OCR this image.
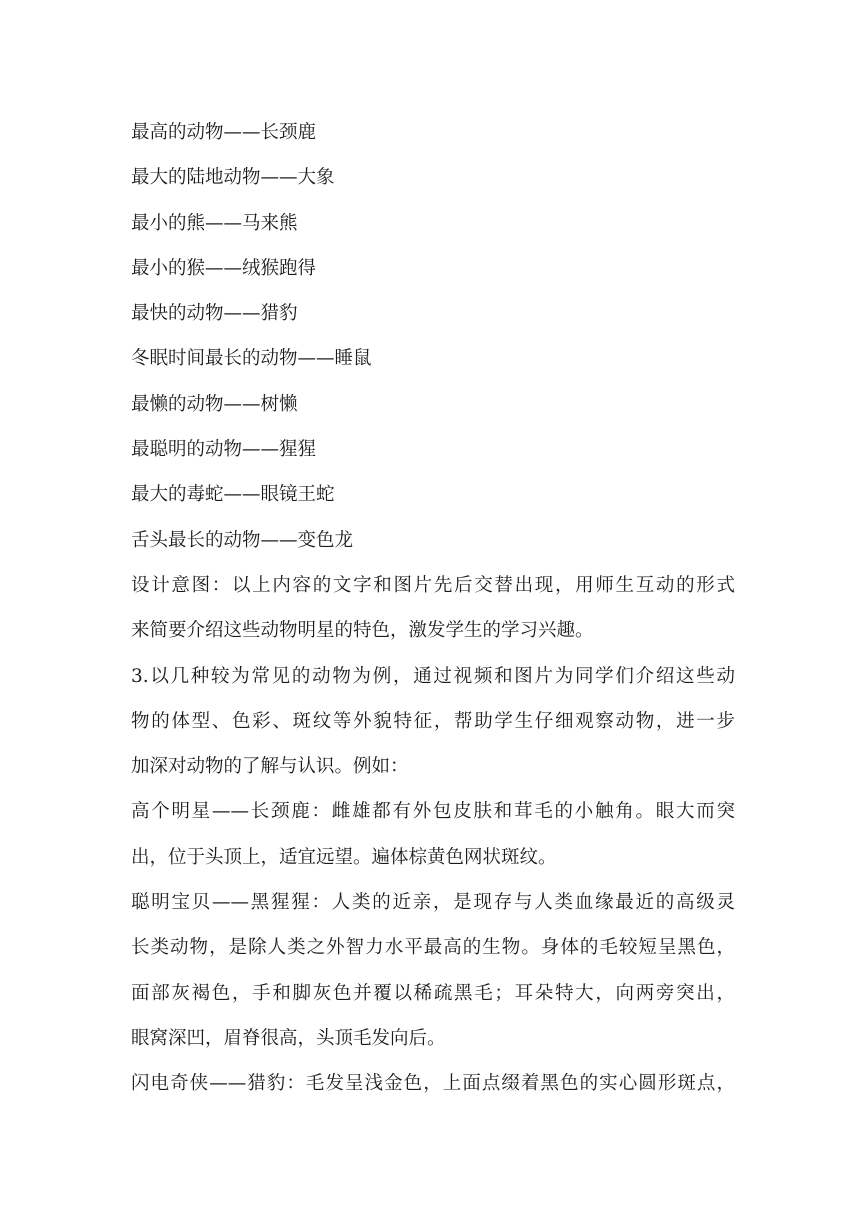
最高的动物——长颈鹿
最大的陆地动物——大象
最小的熊——马来熊
最小的猴——绒猴跑得
最快的动物——猎豹
冬眠时间最长的动物——睡鼠
最懒的动物——树懒
最聪明的动物——猩猩
最大的毒蛇——眼镜王蛇
舌头最长的动物——变色龙
设计意图：以上内容的文字和图片先后交替出现，用师生互动的形式
来简要介绍这些动物明星的特色，激发学生的学习兴趣。
3.以几种较为常见的动物为例，通过视频和图片为同学们介绍这些动
物的体型、色彩、斑纹等外貌特征，帮助学生仔细观察动物，进一步
加深对动物的了解与认识。例如：
高个明星——长颈鹿：雌雄都有外包皮肤和茸毛的小触角。眼大而突
出，位于头顶上，适宜远望。遍体棕黄色网状斑纹。
聪明宝贝——黑猩猩：人类的近亲，是现存与人类血缘最近的高级灵
长类动物，是除人类之外智力水平最高的生物。身体的毛较短呈黑色，
面部灰褐色，手和脚灰色并覆以稀疏黑毛；耳朵特大，向两旁突出，
眼窝深凹，眉脊很高，头顶毛发向后。
闪电奇侠——猎豹：毛发呈浅金色，上面点缀着黑色的实心圆形斑点，
